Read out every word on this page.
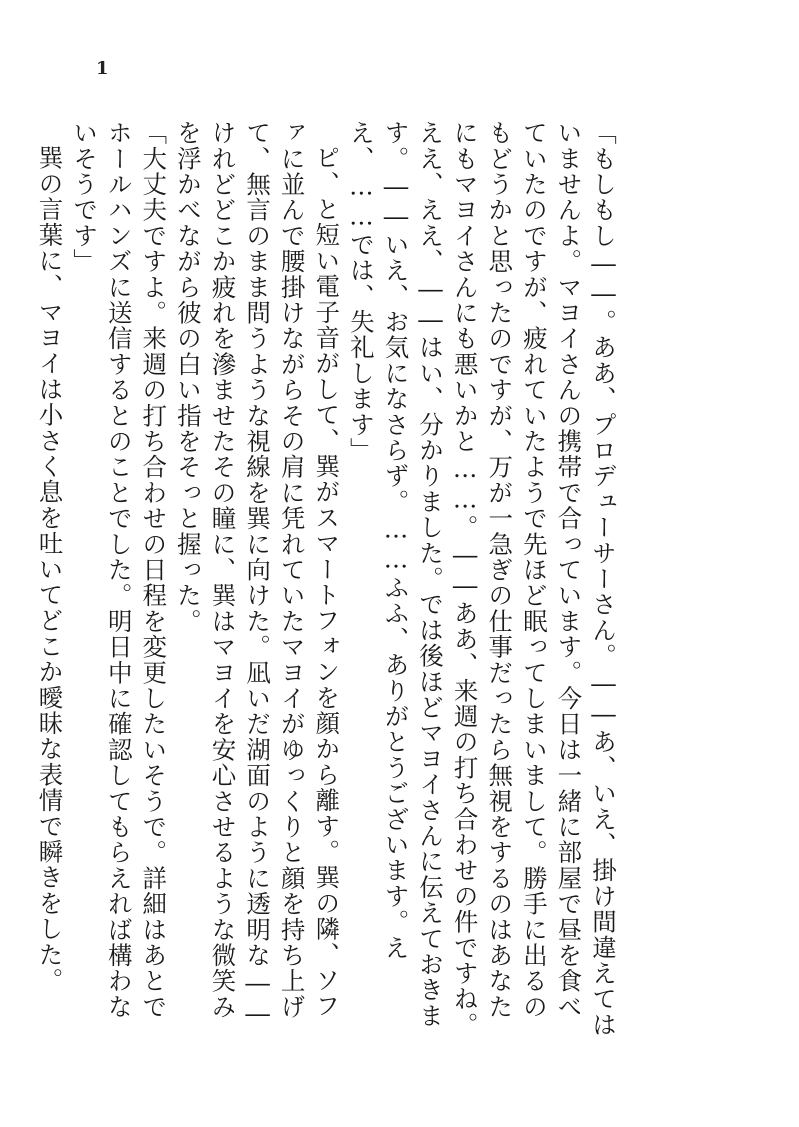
1

「もしもし――。ああ、プロデューサーさん。――あ、いえ、掛け間違えてはいませんよ。マヨイさんの携帯で合っています。今日は一緒に部屋で昼を食べていたのですが、疲れていたようで先ほど眠ってしまいまして。勝手に出るのもどうかと思ったのですが、万が一急ぎの仕事だったら無視をするのはあなたにもマヨイさんにも悪いかと……。――ああ、来週の打ち合わせの件ですね。ええ、ええ、――はい、分かりました。では後ほどマヨイさんに伝えておきます。――いえ、お気になさらず。……ふふ、ありがとうございます。ええ、……では、失礼します」

ピ、と短い電子音がして、巽がスマートフォンを顔から離す。巽の隣、ソファに並んで腰掛けながらその肩に凭れていたマヨイがゆっくりと顔を持ち上げて、無言のまま問うような視線を巽に向けた。凪いだ湖面のように透明な――けれどどこか疲れを滲ませたその瞳に、巽はマヨイを安心させるような微笑みを浮かべながら彼の白い指をそっと握った。

「大丈夫ですよ。来週の打ち合わせの日程を変更したいそうで。詳細はあとでホールハンズに送信するとのことでした。明日中に確認してもらえれば構わないそうです」

巽の言葉に、マヨイは小さく息を吐いてどこか曖昧な表情で瞬きをした。
